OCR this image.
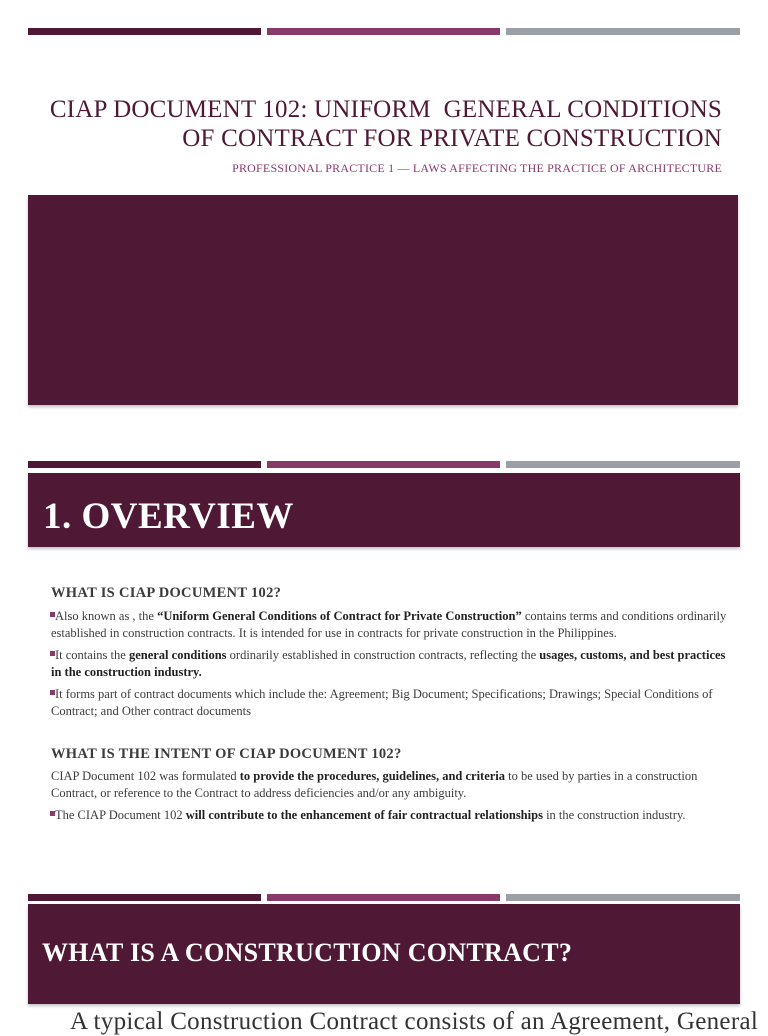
CIAP DOCUMENT 102: UNIFORM  GENERAL CONDITIONS
OF CONTRACT FOR PRIVATE CONSTRUCTION
PROFESSIONAL PRACTICE 1 — LAWS AFFECTING THE PRACTICE OF ARCHITECTURE
1. OVERVIEW
WHAT IS CIAP DOCUMENT 102?
Also known as , the “Uniform General Conditions of Contract for Private Construction” contains terms and conditions ordinarily established in construction contracts. It is intended for use in contracts for private construction in the Philippines.
It contains the general conditions ordinarily established in construction contracts, reflecting the usages, customs, and best practices in the construction industry.
It forms part of contract documents which include the: Agreement; Big Document; Specifications; Drawings; Special Conditions of Contract; and Other contract documents
WHAT IS THE INTENT OF CIAP DOCUMENT 102?
CIAP Document 102 was formulated to provide the procedures, guidelines, and criteria to be used by parties in a construction Contract, or reference to the Contract to address deficiencies and/or any ambiguity.
The CIAP Document 102 will contribute to the enhancement of fair contractual relationships in the construction industry.
WHAT IS A CONSTRUCTION CONTRACT?
A typical Construction Contract consists of an Agreement, General
